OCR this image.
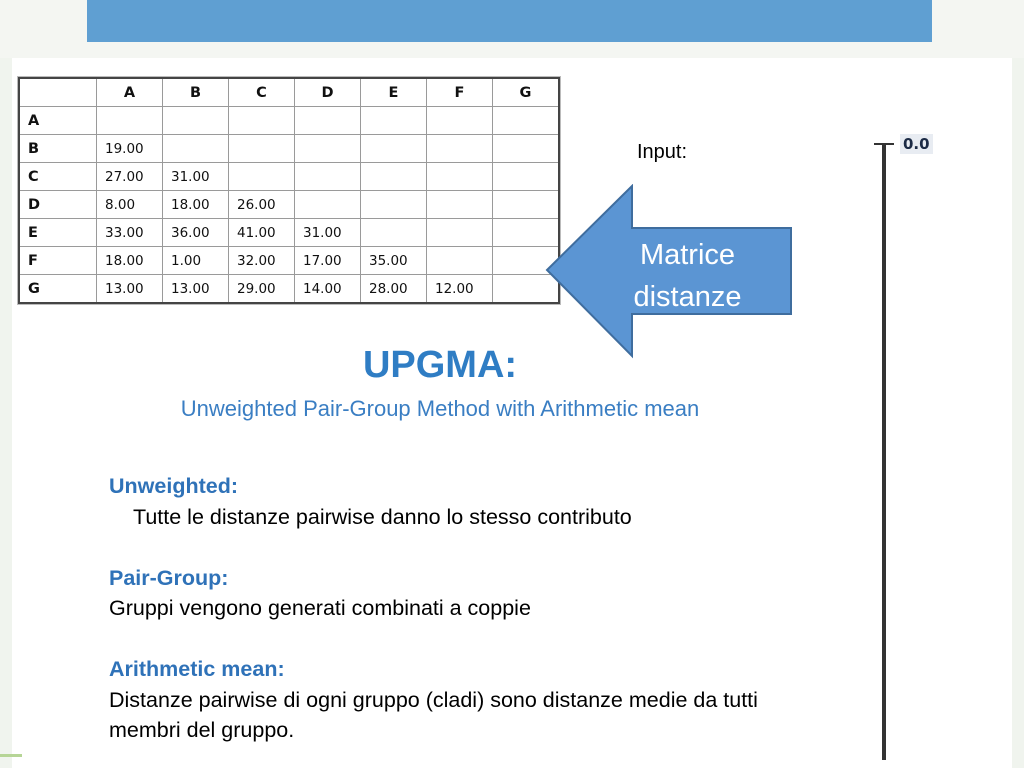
	A	B	C	D	E	F	G
A							
B	19.00						
C	27.00	31.00					
D	8.00	18.00	26.00				
E	33.00	36.00	41.00	31.00			
F	18.00	1.00	32.00	17.00	35.00		
G	13.00	13.00	29.00	14.00	28.00	12.00	
Input:
Matrice
distanze
UPGMA:
Unweighted Pair-Group Method with Arithmetic mean
Unweighted:
Tutte le distanze pairwise danno lo stesso contributo
Pair-Group:
Gruppi vengono generati combinati a coppie
Arithmetic mean:
Distanze pairwise di ogni gruppo (cladi) sono distanze medie da tutti membri del gruppo.
0.0
